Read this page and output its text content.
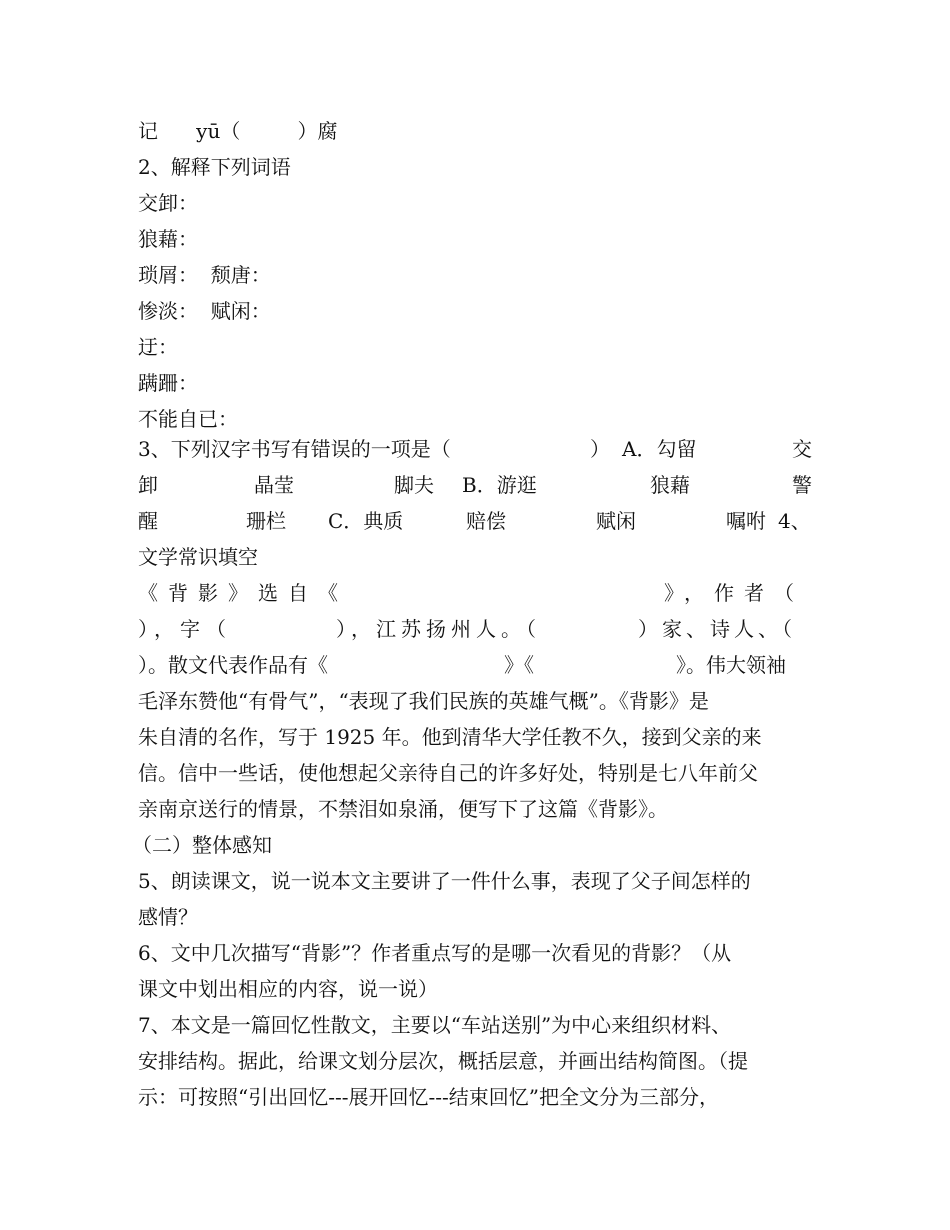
记      yū（         ）腐
2、解释下列词语
交卸：
狼藉：
琐屑：  颓唐：
惨淡：  赋闲：
迂：
蹒跚：
不能自已：
3、下列汉字书写有错误的一项是（	） A．勾留	交
卸	晶莹	脚夫 B．游逛	狼藉	警
醒	珊栏 C．典质	赔偿	赋闲	嘱咐 4、
文学常识填空
《背影》选自《	》，作者（
），字（	），江苏扬州人。（	）家、诗人、（
）。散文代表作品有《	》《	》。伟大领袖
毛泽东赞他“有骨气”，“表现了我们民族的英雄气概”。《背影》是
朱自清的名作，写于 1925 年。他到清华大学任教不久，接到父亲的来
信。信中一些话，使他想起父亲待自己的许多好处，特别是七八年前父
亲南京送行的情景，不禁泪如泉涌，便写下了这篇《背影》。
（二）整体感知
5、朗读课文，说一说本文主要讲了一件什么事，表现了父子间怎样的
感情？
6、文中几次描写“背影”？作者重点写的是哪一次看见的背影？（从
课文中划出相应的内容，说一说）
7、本文是一篇回忆性散文，主要以“车站送别”为中心来组织材料、
安排结构。据此，给课文划分层次，概括层意，并画出结构简图。（提
示：可按照“引出回忆---展开回忆---结束回忆”把全文分为三部分，
